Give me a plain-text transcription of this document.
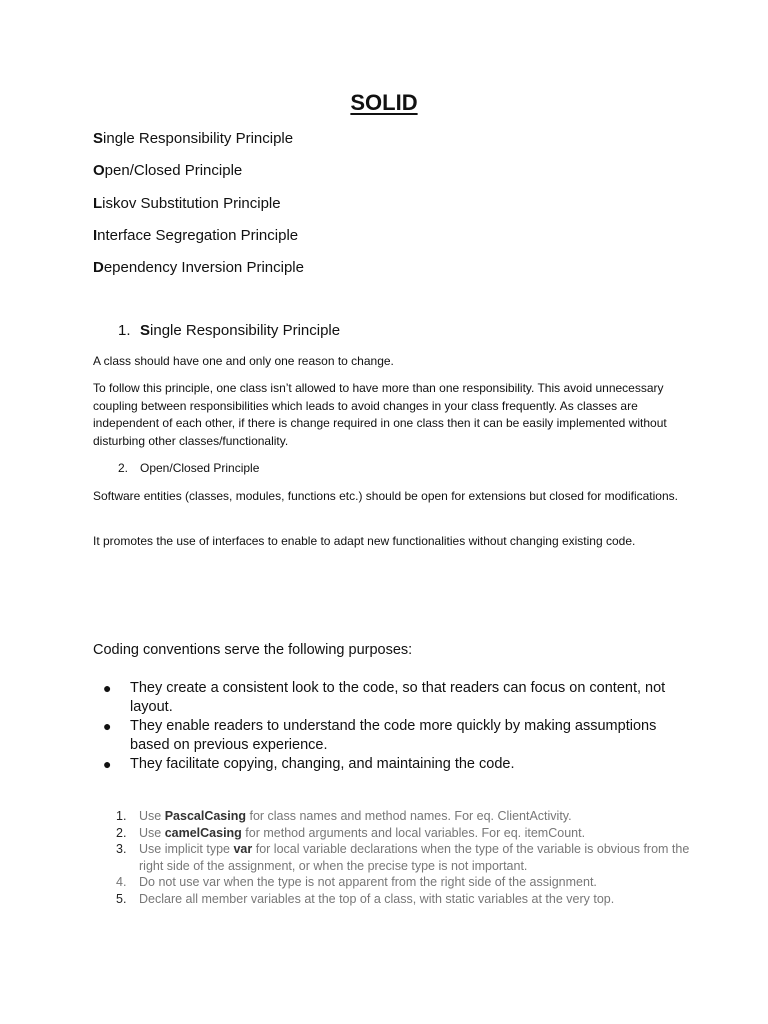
SOLID
Single Responsibility Principle
Open/Closed Principle
Liskov Substitution Principle
Interface Segregation Principle
Dependency Inversion Principle
1. Single Responsibility Principle
A class should have one and only one reason to change.
To follow this principle, one class isn’t allowed to have more than one responsibility. This avoid unnecessary coupling between responsibilities which leads to avoid changes in your class frequently. As classes are independent of each other, if there is change required in one class then it can be easily implemented without disturbing other classes/functionality.
2. Open/Closed Principle
Software entities (classes, modules, functions etc.) should be open for extensions but closed for modifications.
It promotes the use of interfaces to enable to adapt new functionalities without changing existing code.
Coding conventions serve the following purposes:
● They create a consistent look to the code, so that readers can focus on content, not layout.
● They enable readers to understand the code more quickly by making assumptions based on previous experience.
● They facilitate copying, changing, and maintaining the code.
1. Use PascalCasing for class names and method names. For eq. ClientActivity.
2. Use camelCasing for method arguments and local variables. For eq. itemCount.
3. Use implicit type var for local variable declarations when the type of the variable is obvious from the right side of the assignment, or when the precise type is not important.
4. Do not use var when the type is not apparent from the right side of the assignment.
5. Declare all member variables at the top of a class, with static variables at the very top.
